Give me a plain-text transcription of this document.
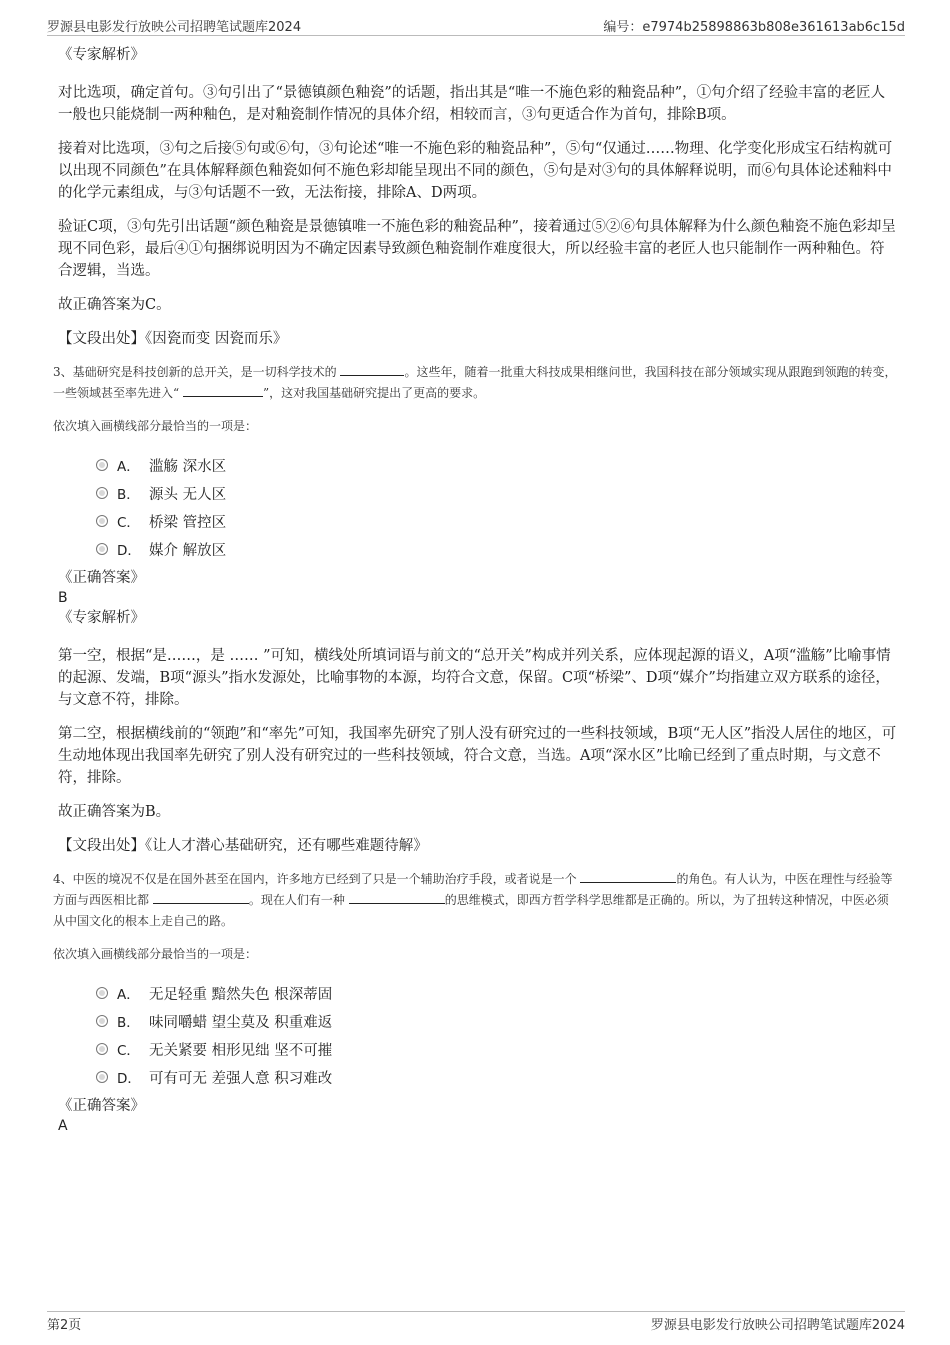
罗源县电影发行放映公司招聘笔试题库2024	编号：e7974b25898863b808e361613ab6c15d
《专家解析》
对比选项，确定首句。③句引出了“景德镇颜色釉瓷”的话题，指出其是“唯一不施色彩的釉瓷品种”，①句介绍了经验丰富的老匠人一般也只能烧制一两种釉色，是对釉瓷制作情况的具体介绍，相较而言，③句更适合作为首句，排除B项。
接着对比选项，③句之后接⑤句或⑥句，③句论述“唯一不施色彩的釉瓷品种”，⑤句“仅通过……物理、化学变化形成宝石结构就可以出现不同颜色”在具体解释颜色釉瓷如何不施色彩却能呈现出不同的颜色，⑤句是对③句的具体解释说明，而⑥句具体论述釉料中的化学元素组成，与③句话题不一致，无法衔接，排除A、D两项。
验证C项，③句先引出话题“颜色釉瓷是景德镇唯一不施色彩的釉瓷品种”，接着通过⑤②⑥句具体解释为什么颜色釉瓷不施色彩却呈现不同色彩，最后④①句捆绑说明因为不确定因素导致颜色釉瓷制作难度很大，所以经验丰富的老匠人也只能制作一两种釉色。符合逻辑，当选。
故正确答案为C。
【文段出处】《因瓷而变 因瓷而乐》
3、基础研究是科技创新的总开关，是一切科学技术的	。这些年，随着一批重大科技成果相继问世，我国科技在部分领域实现从跟跑到领跑的转变，一些领域甚至率先进入“	”，这对我国基础研究提出了更高的要求。
依次填入画横线部分最恰当的一项是：
A． 滥觞 深水区
B． 源头 无人区
C． 桥梁 管控区
D． 媒介 解放区
《正确答案》
B
《专家解析》
第一空，根据“是……，是 …… ”可知，横线处所填词语与前文的“总开关”构成并列关系，应体现起源的语义，A项“滥觞”比喻事情的起源、发端，B项“源头”指水发源处，比喻事物的本源，均符合文意，保留。C项“桥梁”、D项“媒介”均指建立双方联系的途径，与文意不符，排除。
第二空，根据横线前的“领跑”和“率先”可知，我国率先研究了别人没有研究过的一些科技领域，B项“无人区”指没人居住的地区，可生动地体现出我国率先研究了别人没有研究过的一些科技领域，符合文意，当选。A项“深水区”比喻已经到了重点时期，与文意不符，排除。
故正确答案为B。
【文段出处】《让人才潜心基础研究，还有哪些难题待解》
4、中医的境况不仅是在国外甚至在国内，许多地方已经到了只是一个辅助治疗手段，或者说是一个	的角色。有人认为，中医在理性与经验等方面与西医相比都	。现在人们有一种	的思维模式，即西方哲学科学思维都是正确的。所以，为了扭转这种情况，中医必须从中国文化的根本上走自己的路。
依次填入画横线部分最恰当的一项是：
A． 无足轻重 黯然失色 根深蒂固
B． 味同嚼蜡 望尘莫及 积重难返
C． 无关紧要 相形见绌 坚不可摧
D． 可有可无 差强人意 积习难改
《正确答案》
A
第2页	罗源县电影发行放映公司招聘笔试题库2024
